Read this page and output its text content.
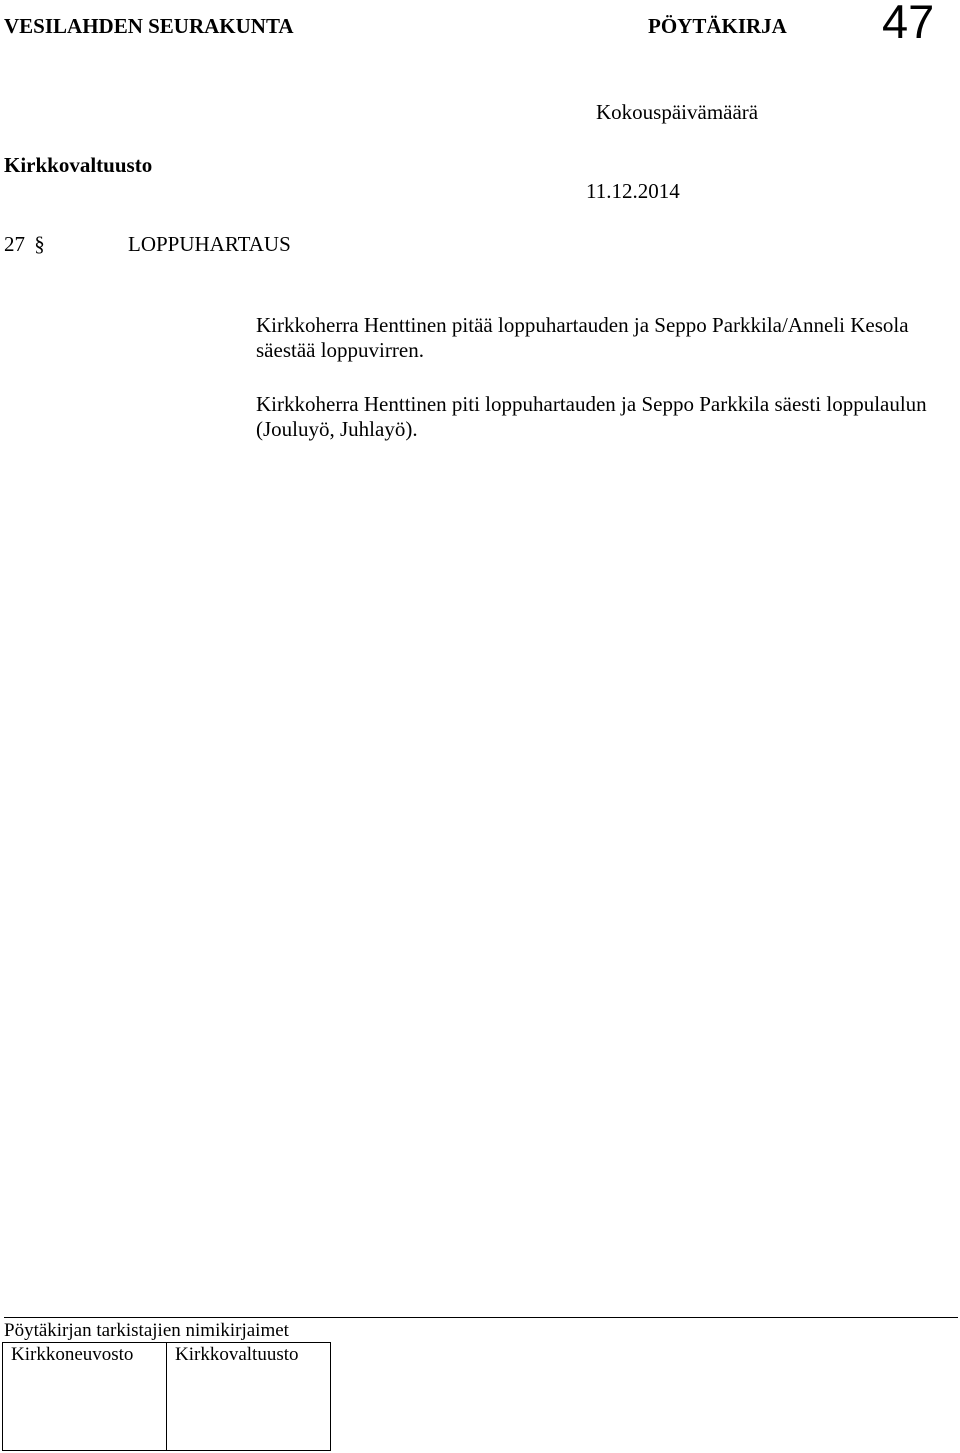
VESILAHDEN SEURAKUNTA	PÖYTÄKIRJA 47
Kokouspäivämäärä
Kirkkovaltuusto
11.12.2014
27 §	LOPPUHARTAUS

Kirkkoherra Henttinen pitää loppuhartauden ja Seppo Parkkila/Anneli Kesola säestää loppuvirren.

Kirkkoherra Henttinen piti loppuhartauden ja Seppo Parkkila säesti loppulaulun (Jouluyö, Juhlayö).

Pöytäkirjan tarkistajien nimikirjaimet
Kirkkoneuvosto Kirkkovaltuusto
